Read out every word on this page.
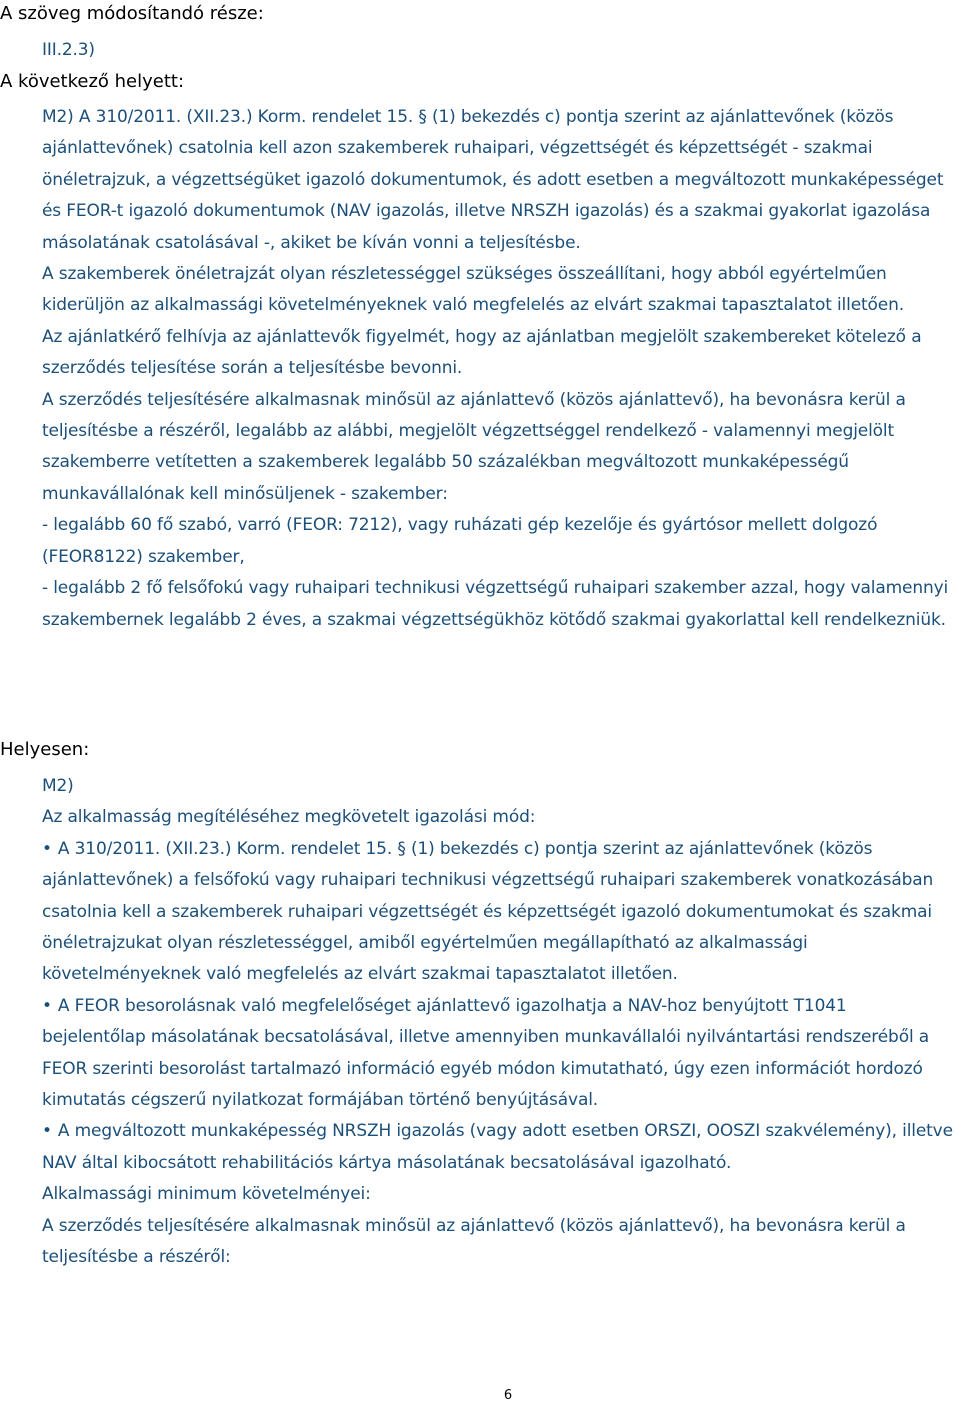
A szöveg módosítandó része:

III.2.3)

A következő helyett:

M2) A 310/2011. (XII.23.) Korm. rendelet 15. § (1) bekezdés c) pontja szerint az ajánlattevőnek (közös ajánlattevőnek) csatolnia kell azon szakemberek ruhaipari, végzettségét és képzettségét - szakmai önéletrajzuk, a végzettségüket igazoló dokumentumok, és adott esetben a megváltozott munkaképességet és FEOR-t igazoló dokumentumok (NAV igazolás, illetve NRSZH igazolás) és a szakmai gyakorlat igazolása másolatának csatolásával -, akiket be kíván vonni a teljesítésbe.

A szakemberek önéletrajzát olyan részletességgel szükséges összeállítani, hogy abból egyértelműen kiderüljön az alkalmassági követelményeknek való megfelelés az elvárt szakmai tapasztalatot illetően.

Az ajánlatkérő felhívja az ajánlattevők figyelmét, hogy az ajánlatban megjelölt szakembereket kötelező a szerződés teljesítése során a teljesítésbe bevonni.

A szerződés teljesítésére alkalmasnak minősül az ajánlattevő (közös ajánlattevő), ha bevonásra kerül a teljesítésbe a részéről, legalább az alábbi, megjelölt végzettséggel rendelkező - valamennyi megjelölt szakemberre vetítetten a szakemberek legalább 50 százalékban megváltozott munkaképességű munkavállalónak kell minősüljenek - szakember:

- legalább 60 fő szabó, varró (FEOR: 7212), vagy ruházati gép kezelője és gyártósor mellett dolgozó (FEOR8122) szakember,

- legalább 2 fő felsőfokú vagy ruhaipari technikusi végzettségű ruhaipari szakember azzal, hogy valamennyi szakembernek legalább 2 éves, a szakmai végzettségükhöz kötődő szakmai gyakorlattal kell rendelkezniük.

Helyesen:

M2)

Az alkalmasság megítéléséhez megkövetelt igazolási mód:

• A 310/2011. (XII.23.) Korm. rendelet 15. § (1) bekezdés c) pontja szerint az ajánlattevőnek (közös ajánlattevőnek) a felsőfokú vagy ruhaipari technikusi végzettségű ruhaipari szakemberek vonatkozásában csatolnia kell a szakemberek ruhaipari végzettségét és képzettségét igazoló dokumentumokat és szakmai önéletrajzukat olyan részletességgel, amiből egyértelműen megállapítható az alkalmassági követelményeknek való megfelelés az elvárt szakmai tapasztalatot illetően.

• A FEOR besorolásnak való megfelelőséget ajánlattevő igazolhatja a NAV-hoz benyújtott T1041 bejelentőlap másolatának becsatolásával, illetve amennyiben munkavállalói nyilvántartási rendszeréből a FEOR szerinti besorolást tartalmazó információ egyéb módon kimutatható, úgy ezen információt hordozó kimutatás cégszerű nyilatkozat formájában történő benyújtásával.

• A megváltozott munkaképesség NRSZH igazolás (vagy adott esetben ORSZI, OOSZI szakvélemény), illetve NAV által kibocsátott rehabilitációs kártya másolatának becsatolásával igazolható.

Alkalmassági minimum követelményei:

A szerződés teljesítésére alkalmasnak minősül az ajánlattevő (közös ajánlattevő), ha bevonásra kerül a teljesítésbe a részéről:

6
